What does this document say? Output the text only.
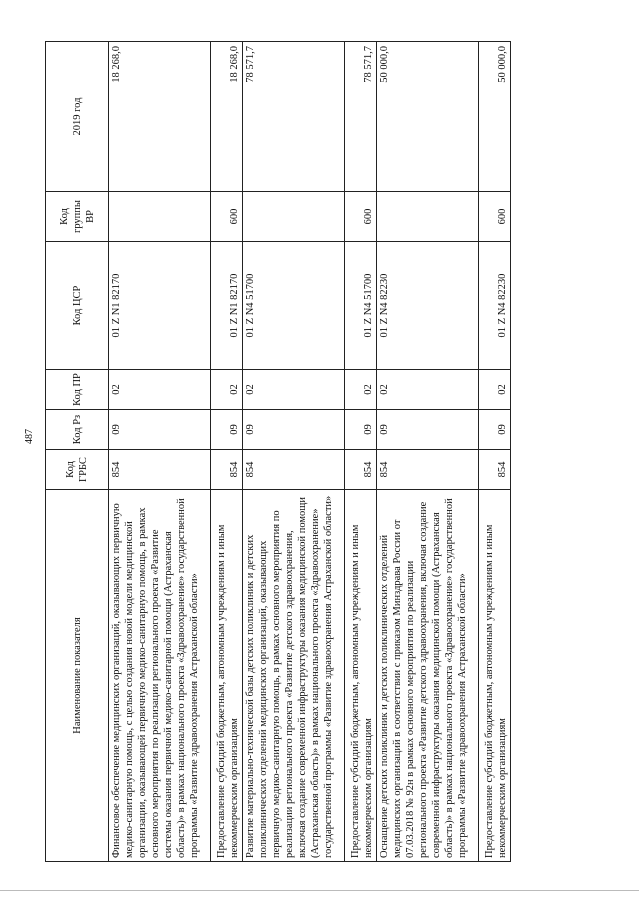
487
Наименование показателя	Код ГРБС	Код Рз	Код ПР	Код ЦСР	Код группы ВР	2019 год
Финансовое обеспечение медицинских организаций, оказывающих первичную медико-санитарную помощь, с целью создания новой модели медицинской организации, оказывающей первичную медико-санитарную помощь, в рамках основного мероприятия по реализации регионального проекта «Развитие системы оказания первичной медико-санитарной помощи (Астраханская область)» в рамках национального проекта «Здравоохранение» государственной программы «Развитие здравоохранения Астраханской области»	854	09	02	01 Z N1 82170		18 268,0
Предоставление субсидий бюджетным, автономным учреждениям и иным некоммерческим организациям	854	09	02	01 Z N1 82170	600	18 268,0
Развитие материально-технической базы детских поликлиник и детских поликлинических отделений медицинских организаций, оказывающих первичную медико-санитарную помощь, в рамках основного мероприятия по реализации регионального проекта «Развитие детского здравоохранения, включая создание современной инфраструктуры оказания медицинской помощи (Астраханская область)» в рамках национального проекта «Здравоохранение» государственной программы «Развитие здравоохранения Астраханской области»	854	09	02	01 Z N4 51700		78 571,7
Предоставление субсидий бюджетным, автономным учреждениям и иным некоммерческим организациям	854	09	02	01 Z N4 51700	600	78 571,7
Оснащение детских поликлиник и детских поликлинических отделений медицинских организаций в соответствии с приказом Минздрава России от 07.03.2018 № 92н в рамках основного мероприятия по реализации регионального проекта «Развитие детского здравоохранения, включая создание современной инфраструктуры оказания медицинской помощи (Астраханская область)» в рамках национального проекта «Здравоохранение» государственной программы «Развитие здравоохранения Астраханской области»	854	09	02	01 Z N4 82230		50 000,0
Предоставление субсидий бюджетным, автономным учреждениям и иным некоммерческим организациям	854	09	02	01 Z N4 82230	600	50 000,0
